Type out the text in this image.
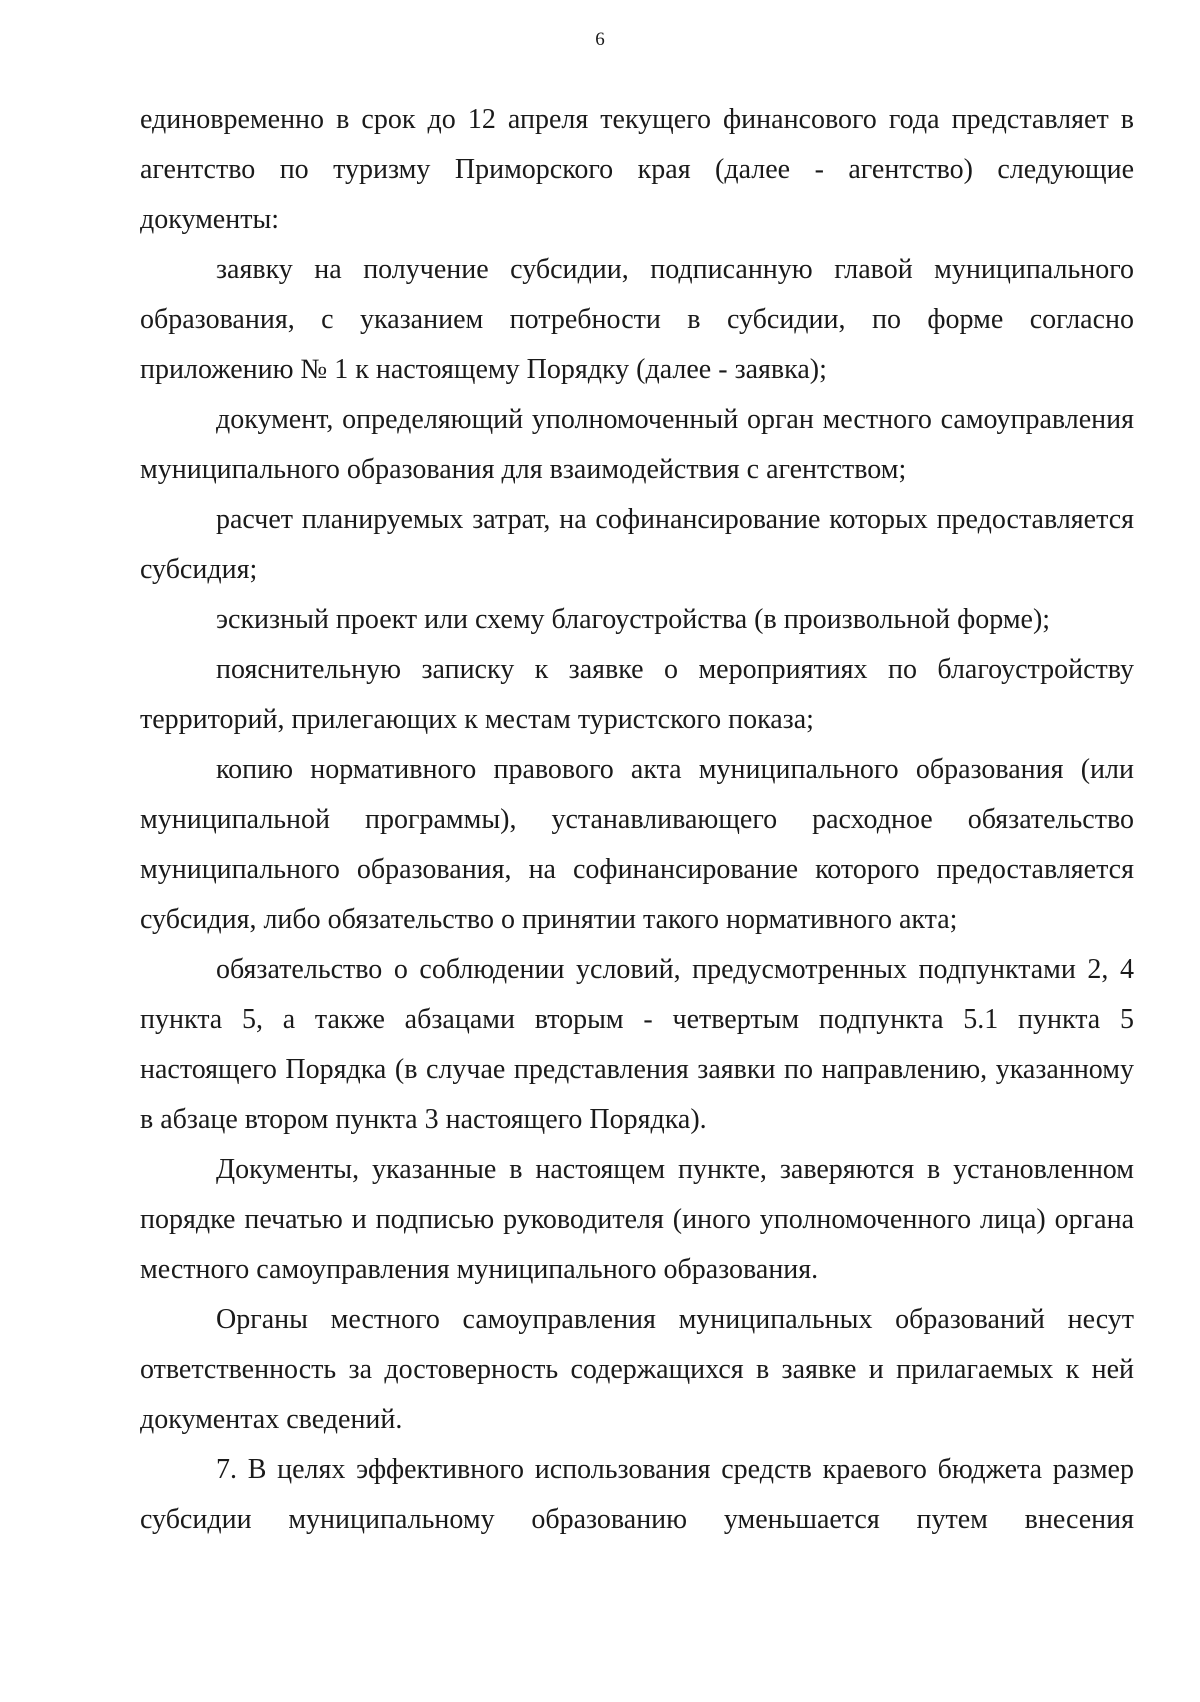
6

единовременно в срок до 12 апреля текущего финансового года представляет в агентство по туризму Приморского края (далее - агентство) следующие документы:

заявку на получение субсидии, подписанную главой муниципального образования, с указанием потребности в субсидии, по форме согласно приложению № 1 к настоящему Порядку (далее - заявка);

документ, определяющий уполномоченный орган местного самоуправления муниципального образования для взаимодействия с агентством;

расчет планируемых затрат, на софинансирование которых предоставляется субсидия;

эскизный проект или схему благоустройства (в произвольной форме);

пояснительную записку к заявке о мероприятиях по благоустройству территорий, прилегающих к местам туристского показа;

копию нормативного правового акта муниципального образования (или муниципальной программы), устанавливающего расходное обязательство муниципального образования, на софинансирование которого предоставляется субсидия, либо обязательство о принятии такого нормативного акта;

обязательство о соблюдении условий, предусмотренных подпунктами 2, 4 пункта 5, а также абзацами вторым - четвертым подпункта 5.1 пункта 5 настоящего Порядка (в случае представления заявки по направлению, указанному в абзаце втором пункта 3 настоящего Порядка).

Документы, указанные в настоящем пункте, заверяются в установленном порядке печатью и подписью руководителя (иного уполномоченного лица) органа местного самоуправления муниципального образования.

Органы местного самоуправления муниципальных образований несут ответственность за достоверность содержащихся в заявке и прилагаемых к ней документах сведений.

7. В целях эффективного использования средств краевого бюджета размер субсидии муниципальному образованию уменьшается путем внесения
